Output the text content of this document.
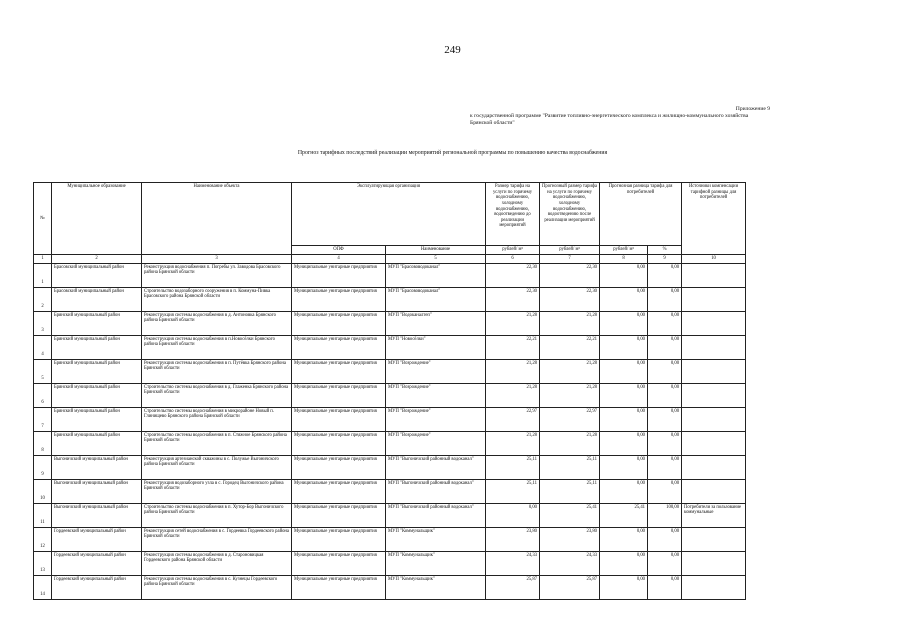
249
Приложение 9
к государственной программе "Развитие топливно-энергетического комплекса и жилищно-коммунального хозяйства Брянской области"
Прогноз тарифных последствий реализации мероприятий региональной программы по повышению качества водоснабжения
№	Муниципальное образование	Наименование объекта	Эксплуатирующая организация		Размер тарифа на услуги по горячему водоснабжению, холодному водоснабжению, водоотведению до реализации мероприятий	Прогнозный размер тарифа на услуги по горячему водоснабжению, холодному водоснабжению, водоотведению после реализации мероприятий	Прогнозная разница тарифа для потребителей		Источники компенсации тарифной разницы для потребителей
			ОПФ	Наименование	рублей/ м³	рублей/ м³	рублей/ м³	%	
1	2	3	4	5	6	7	8	9	10
1	Брасовский муниципальный район	Реконструкция водоснабжения п. Погребы ул. Заводова Брасовского района Брянской области	Муниципальные унитарные предприятия	МУП "Брасововодоканал"	22,30	22,30	0,00	0,00	
2	Брасовский муниципальный район	Строительство водозаборного сооружения в п. Коммуна-Пивка Брасовского района Брянской области	Муниципальные унитарные предприятия	МУП "Брасововодоканал"	22,30	22,30	0,00	0,00	
3	Брянский муниципальный район	Реконструкция системы водоснабжения в д. Антоновка Брянского района Брянской области	Муниципальные унитарные предприятия	МУП "Водоканалтеп"	21,28	21,28	0,00	0,00	
4	Брянский муниципальный район	Реконструкция системы водоснабжения в п.Новосёлки Брянского района Брянской области	Муниципальные унитарные предприятия	МУП "Новосёлки"	22,21	22,21	0,00	0,00	
5	Брянский муниципальный район	Реконструкция системы водоснабжения в п. Путёвка Брянского района Брянской области	Муниципальные унитарные предприятия	МУП "Возрождение"	21,28	21,28	0,00	0,00	
6	Брянский муниципальный район	Строительство системы водоснабжения в д. Глаженка Брянского района Брянской области	Муниципальные унитарные предприятия	МУП "Возрождение"	21,28	21,28	0,00	0,00	
7	Брянский муниципальный район	Строительство системы водоснабжения в микрорайоне Новый п. Глинищево Брянского района Брянской области	Муниципальные унитарные предприятия	МУП "Возрождение"	22,97	22,97	0,00	0,00	
8	Брянский муниципальный район	Строительство системы водоснабжения в п. Стяжное Брянского района Брянской области	Муниципальные унитарные предприятия	МУП "Возрождение"	21,28	21,28	0,00	0,00	
9	Выгоничский муниципальный район	Реконструкция артезианской скважины в с. Полужье Выгоничского района Брянской области	Муниципальные унитарные предприятия	МУП "Выгоничский районный водоканал"	25,11	25,11	0,00	0,00	
10	Выгоничский муниципальный район	Реконструкция водозаборного узла в с. Городец Выгоничского района Брянской области	Муниципальные унитарные предприятия	МУП "Выгоничский районный водоканал"	25,11	25,11	0,00	0,00	
11	Выгоничский муниципальный район	Строительство системы водоснабжения в п. Хутор-Бор Выгоничского района Брянской области	Муниципальные унитарные предприятия	МУП "Выгоничский районный водоканал"	0,00	25,41	25,41	100,00	Потребители за пользование коммунальные
12	Гордеевский муниципальный район	Реконструкция сетей водоснабжения в с. Гордеевка Гордеевского района Брянской области	Муниципальные унитарные предприятия	МУП "Коммунальщик"	23,80	23,80	0,00	0,00	
13	Гордеевский муниципальный район	Реконструкция системы водоснабжения в д. Староновицкая Гордеевского района Брянской области	Муниципальные унитарные предприятия	МУП "Коммунальщик"	24,33	24,33	0,00	0,00	
14	Гордеевский муниципальный район	Реконструкция системы водоснабжения в с. Кузнецы Гордеевского района Брянской области	Муниципальные унитарные предприятия	МУП "Коммунальщик"	25,87	25,87	0,00	0,00	
